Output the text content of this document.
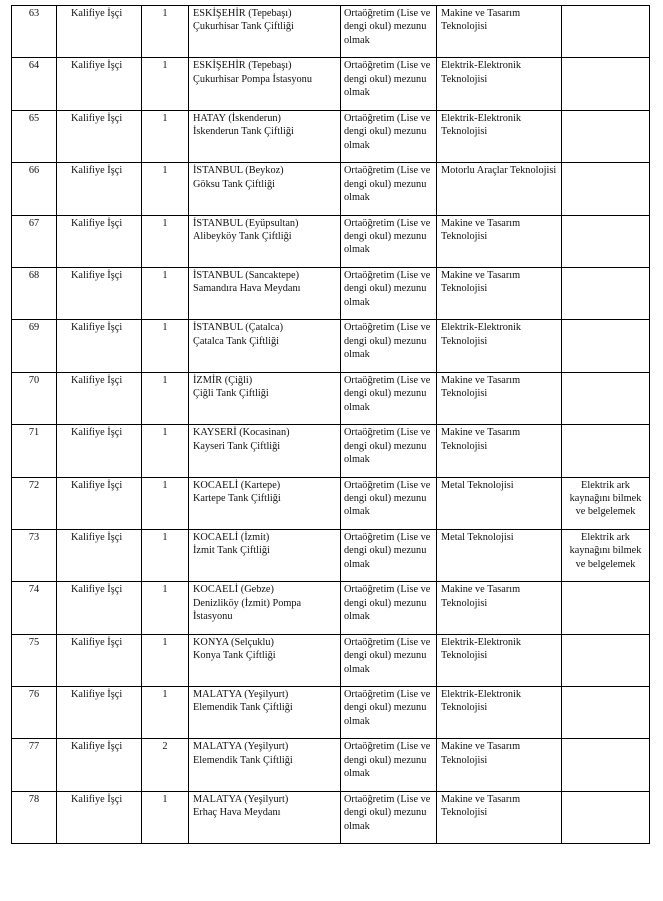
63	Kalifiye İşçi	1	ESKİŞEHİR (Tepebaşı)
Çukurhisar Tank Çiftliği	Ortaöğretim (Lise ve dengi okul) mezunu olmak	Makine ve Tasarım Teknolojisi	

64	Kalifiye İşçi	1	ESKİŞEHİR (Tepebaşı)
Çukurhisar Pompa İstasyonu	Ortaöğretim (Lise ve dengi okul) mezunu olmak	Elektrik-Elektronik Teknolojisi	

65	Kalifiye İşçi	1	HATAY (İskenderun)
İskenderun Tank Çiftliği	Ortaöğretim (Lise ve dengi okul) mezunu olmak	Elektrik-Elektronik Teknolojisi	

66	Kalifiye İşçi	1	İSTANBUL (Beykoz)
Göksu Tank Çiftliği	Ortaöğretim (Lise ve dengi okul) mezunu olmak	Motorlu Araçlar Teknolojisi	

67	Kalifiye İşçi	1	İSTANBUL (Eyüpsultan)
Alibeyköy Tank Çiftliği	Ortaöğretim (Lise ve dengi okul) mezunu olmak	Makine ve Tasarım Teknolojisi	

68	Kalifiye İşçi	1	İSTANBUL (Sancaktepe)
Samandıra Hava Meydanı	Ortaöğretim (Lise ve dengi okul) mezunu olmak	Makine ve Tasarım Teknolojisi	

69	Kalifiye İşçi	1	İSTANBUL (Çatalca)
Çatalca Tank Çiftliği	Ortaöğretim (Lise ve dengi okul) mezunu olmak	Elektrik-Elektronik Teknolojisi	

70	Kalifiye İşçi	1	İZMİR (Çiğli)
Çiğli Tank Çiftliği	Ortaöğretim (Lise ve dengi okul) mezunu olmak	Makine ve Tasarım Teknolojisi	

71	Kalifiye İşçi	1	KAYSERİ (Kocasinan)
Kayseri Tank Çiftliği	Ortaöğretim (Lise ve dengi okul) mezunu olmak	Makine ve Tasarım Teknolojisi	

72	Kalifiye İşçi	1	KOCAELİ (Kartepe)
Kartepe Tank Çiftliği	Ortaöğretim (Lise ve dengi okul) mezunu olmak	Metal Teknolojisi	Elektrik ark kaynağını bilmek ve belgelemek

73	Kalifiye İşçi	1	KOCAELİ (İzmit)
İzmit Tank Çiftliği	Ortaöğretim (Lise ve dengi okul) mezunu olmak	Metal Teknolojisi	Elektrik ark kaynağını bilmek ve belgelemek

74	Kalifiye İşçi	1	KOCAELİ (Gebze)
Denizliköy (İzmit) Pompa İstasyonu	Ortaöğretim (Lise ve dengi okul) mezunu olmak	Makine ve Tasarım Teknolojisi	

75	Kalifiye İşçi	1	KONYA (Selçuklu)
Konya Tank Çiftliği	Ortaöğretim (Lise ve dengi okul) mezunu olmak	Elektrik-Elektronik Teknolojisi	

76	Kalifiye İşçi	1	MALATYA (Yeşilyurt)
Elemendik Tank Çiftliği	Ortaöğretim (Lise ve dengi okul) mezunu olmak	Elektrik-Elektronik Teknolojisi	

77	Kalifiye İşçi	2	MALATYA (Yeşilyurt)
Elemendik Tank Çiftliği	Ortaöğretim (Lise ve dengi okul) mezunu olmak	Makine ve Tasarım Teknolojisi	

78	Kalifiye İşçi	1	MALATYA (Yeşilyurt)
Erhaç Hava Meydanı	Ortaöğretim (Lise ve dengi okul) mezunu olmak	Makine ve Tasarım Teknolojisi	
